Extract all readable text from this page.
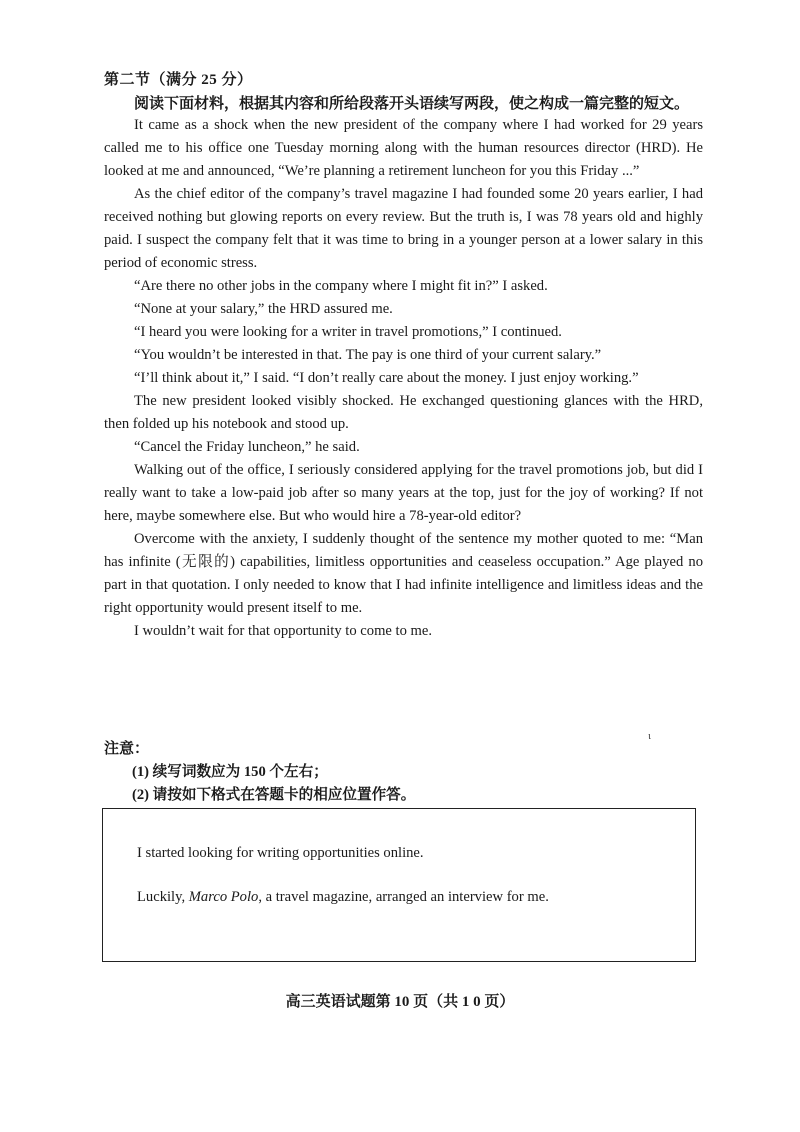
第二节（满分 25 分）
阅读下面材料，根据其内容和所给段落开头语续写两段，使之构成一篇完整的短文。

It came as a shock when the new president of the company where I had worked for 29 years called me to his office one Tuesday morning along with the human resources director (HRD). He looked at me and announced, “We’re planning a retirement luncheon for you this Friday ...”

As the chief editor of the company’s travel magazine I had founded some 20 years earlier, I had received nothing but glowing reports on every review. But the truth is, I was 78 years old and highly paid. I suspect the company felt that it was time to bring in a younger person at a lower salary in this period of economic stress.

“Are there no other jobs in the company where I might fit in?” I asked.

“None at your salary,” the HRD assured me.

“I heard you were looking for a writer in travel promotions,” I continued.

“You wouldn’t be interested in that. The pay is one third of your current salary.”

“I’ll think about it,” I said. “I don’t really care about the money. I just enjoy working.”

The new president looked visibly shocked. He exchanged questioning glances with the HRD, then folded up his notebook and stood up.

“Cancel the Friday luncheon,” he said.

Walking out of the office, I seriously considered applying for the travel promotions job, but did I really want to take a low-paid job after so many years at the top, just for the joy of working? If not here, maybe somewhere else. But who would hire a 78-year-old editor?

Overcome with the anxiety, I suddenly thought of the sentence my mother quoted to me: “Man has infinite (无限的) capabilities, limitless opportunities and ceaseless occupation.” Age played no part in that quotation. I only needed to know that I had infinite intelligence and limitless ideas and the right opportunity would present itself to me.

I wouldn’t wait for that opportunity to come to me.

ι
注意：
(1) 续写词数应为 150 个左右；
(2) 请按如下格式在答题卡的相应位置作答。
I started looking for writing opportunities online.
Luckily, Marco Polo, a travel magazine, arranged an interview for me.
高三英语试题第 10 页（共 1 0 页）
